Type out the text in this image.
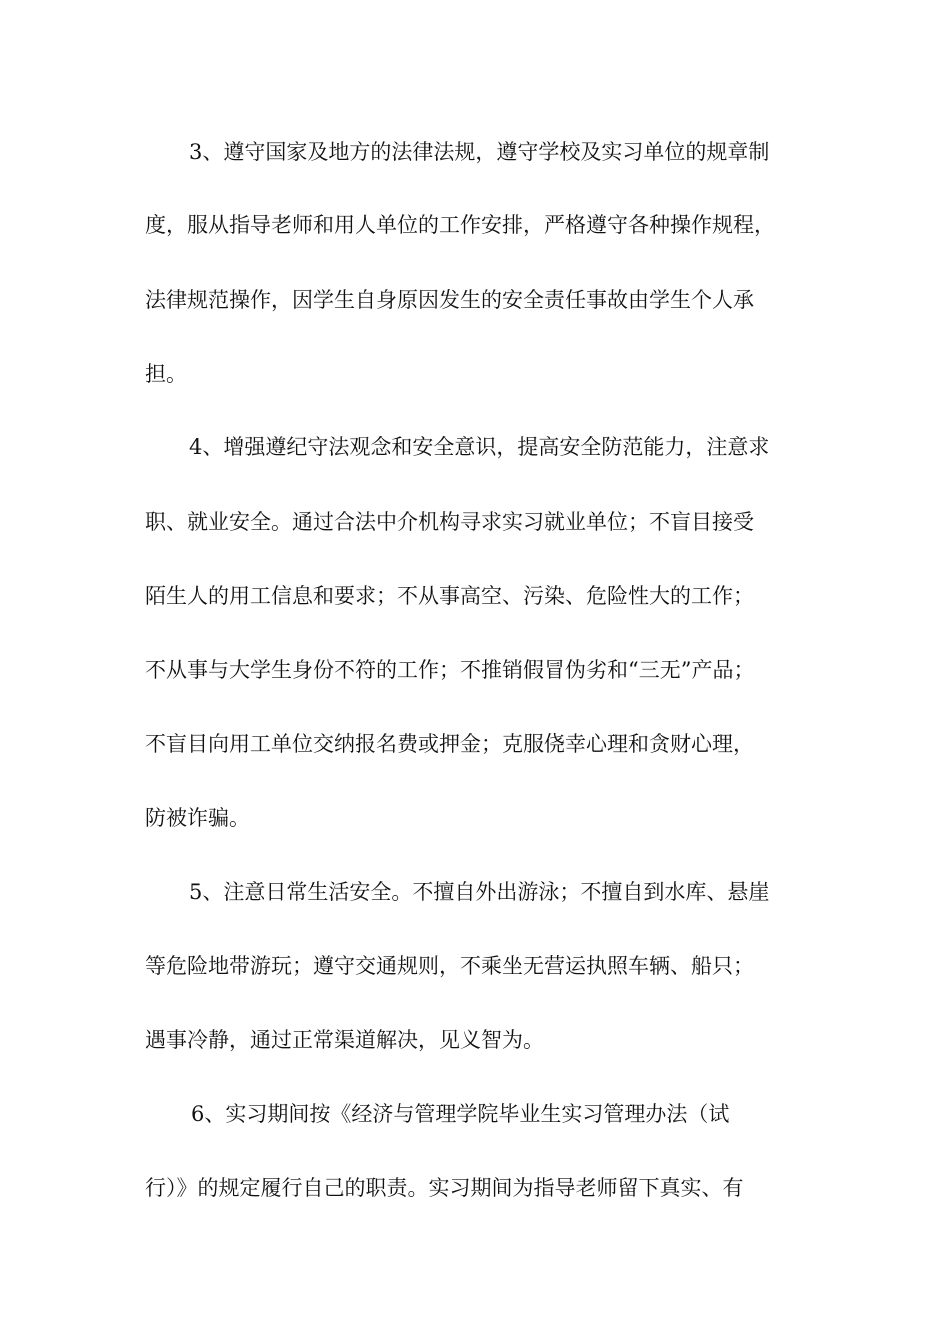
3、遵守国家及地方的法律法规，遵守学校及实习单位的规章制
度，服从指导老师和用人单位的工作安排，严格遵守各种操作规程，
法律规范操作，因学生自身原因发生的安全责任事故由学生个人承
担。
4、增强遵纪守法观念和安全意识，提高安全防范能力，注意求
职、就业安全。通过合法中介机构寻求实习就业单位；不盲目接受
陌生人的用工信息和要求；不从事高空、污染、危险性大的工作；
不从事与大学生身份不符的工作；不推销假冒伪劣和“三无”产品；
不盲目向用工单位交纳报名费或押金；克服侥幸心理和贪财心理，
防被诈骗。
5、注意日常生活安全。不擅自外出游泳；不擅自到水库、悬崖
等危险地带游玩；遵守交通规则，不乘坐无营运执照车辆、船只；
遇事冷静，通过正常渠道解决，见义智为。
6、实习期间按《经济与管理学院毕业生实习管理办法（试
行）》的规定履行自己的职责。实习期间为指导老师留下真实、有
